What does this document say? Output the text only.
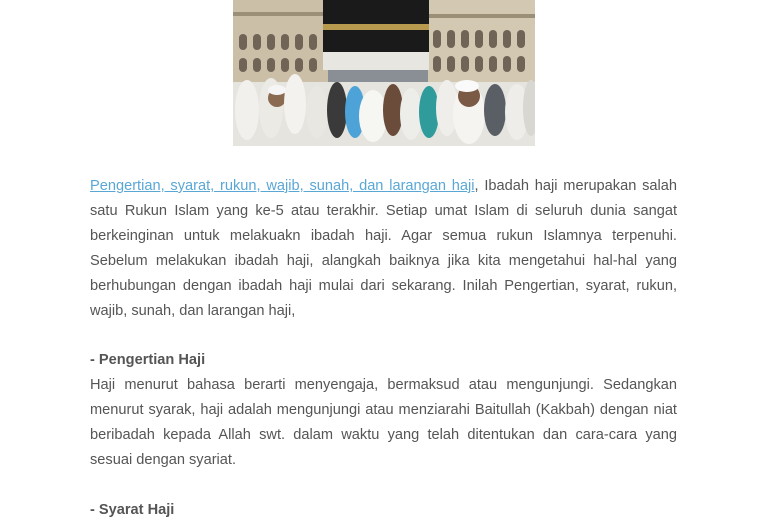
Pengertian, syarat, rukun, wajib, sunah, dan larangan haji, Ibadah haji merupakan salah satu Rukun Islam yang ke-5 atau terakhir. Setiap umat Islam di seluruh dunia sangat berkeinginan untuk melakuakn ibadah haji. Agar semua rukun Islamnya terpenuhi. Sebelum melakukan ibadah haji, alangkah baiknya jika kita mengetahui hal-hal yang berhubungan dengan ibadah haji mulai dari sekarang. Inilah Pengertian, syarat, rukun, wajib, sunah, dan larangan haji,

- Pengertian Haji

Haji menurut bahasa berarti menyengaja, bermaksud atau mengunjungi. Sedangkan menurut syarak, haji adalah mengunjungi atau menziarahi Baitullah (Kakbah) dengan niat beribadah kepada Allah swt. dalam waktu yang telah ditentukan dan cara-cara yang sesuai dengan syariat.

- Syarat Haji
